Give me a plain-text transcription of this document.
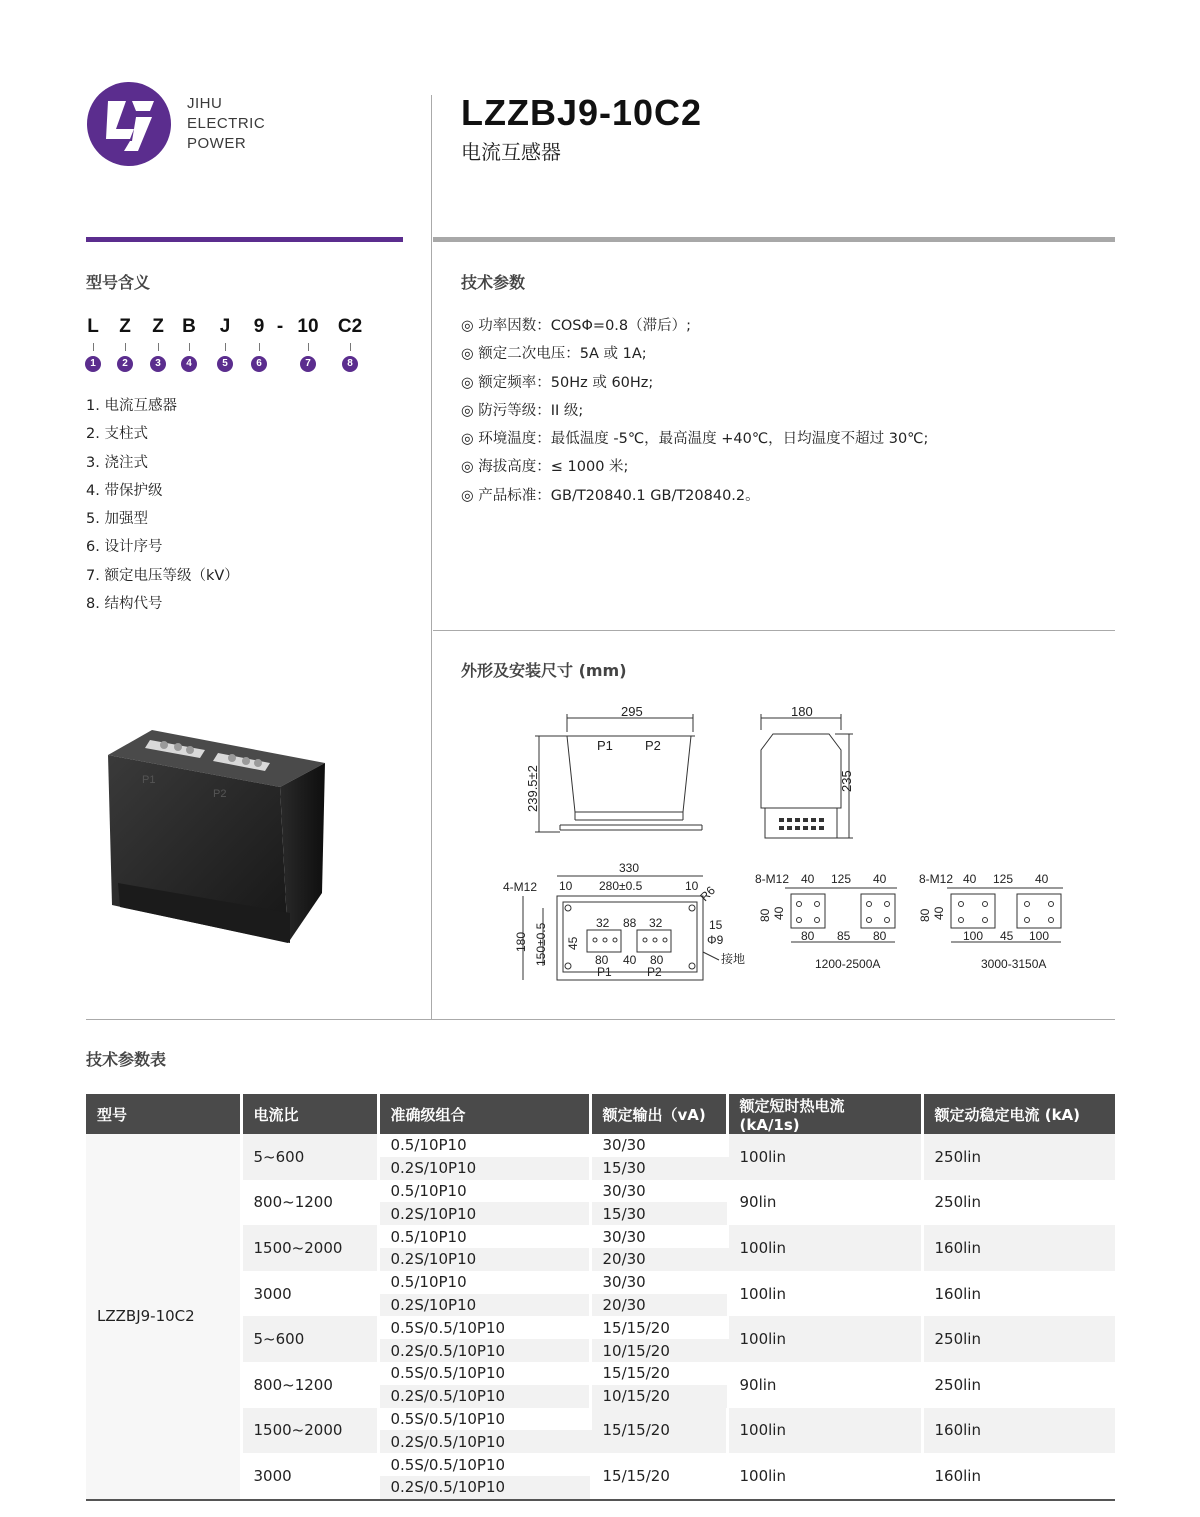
JIHU
ELECTRIC
POWER
LZZBJ9-10C2
电流互感器
型号含义
L	Z	Z B	J	9 - 10 C2
1	2	3	4	5	6	7	8
1. 电流互感器
2. 支柱式
3. 浇注式
4. 带保护级
5. 加强型
6. 设计序号
7. 额定电压等级（kV）
8. 结构代号
P1
P2
技术参数
◎ 功率因数：COSΦ=0.8（滞后）;
◎ 额定二次电压：5A 或 1A;
◎ 额定频率：50Hz 或 60Hz;
◎ 防污等级：II 级;
◎ 环境温度：最低温度 -5℃，最高温度 +40℃，日均温度不超过 30℃;
◎ 海拔高度：≤ 1000 米;
◎ 产品标准：GB/T20840.1 GB/T20840.2。
外形及安装尺寸 (mm)
295
239.5±2
P1 P2
180
235
330
280±0.5
10	10
4-M12	R6
32 88 32
45
80 40 80
P1	P2
180 150±0.5	15
Φ9
接地
8-M12 40 125 40
80 40
80 85 80
1200-2500A
8-M12 40 125 40
80 40
100 45 100
3000-3150A
技术参数表
型号	电流比	准确级组合	额定输出（vA)	额定短时热电流 (kA/1s)	额定动稳定电流 (kA)
LZZBJ9-10C2	5~600	0.5/10P10	30/30	100lin	250lin
		0.2S/10P10	15/30		
	800~1200	0.5/10P10	30/30	90lin	250lin
		0.2S/10P10	15/30		
	1500~2000	0.5/10P10	30/30	100lin	160lin
		0.2S/10P10	20/30		
	3000	0.5/10P10	30/30	100lin	160lin
		0.2S/10P10	20/30		
	5~600	0.5S/0.5/10P10	15/15/20	100lin	250lin
		0.2S/0.5/10P10	10/15/20		
	800~1200	0.5S/0.5/10P10	15/15/20	90lin	250lin
		0.2S/0.5/10P10	10/15/20		
	1500~2000	0.5S/0.5/10P10	15/15/20	100lin	160lin
		0.2S/0.5/10P10			
	3000	0.5S/0.5/10P10	15/15/20	100lin	160lin
		0.2S/0.5/10P10			
